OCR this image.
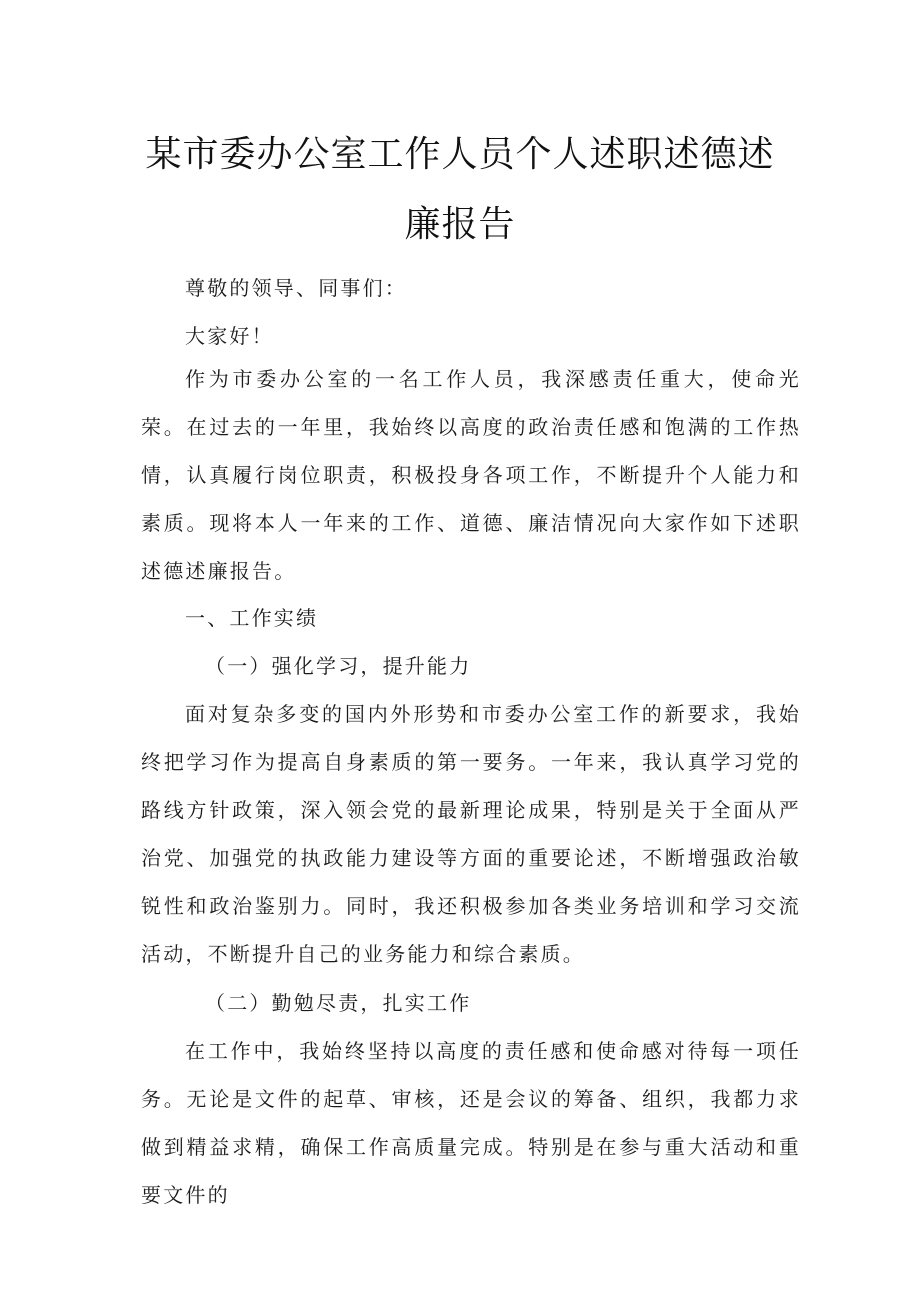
某市委办公室工作人员个人述职述德述
廉报告

尊敬的领导、同事们：

大家好！

作为市委办公室的一名工作人员，我深感责任重大，使命光荣。在过去的一年里，我始终以高度的政治责任感和饱满的工作热情，认真履行岗位职责，积极投身各项工作，不断提升个人能力和素质。现将本人一年来的工作、道德、廉洁情况向大家作如下述职述德述廉报告。

一、工作实绩

（一）强化学习，提升能力

面对复杂多变的国内外形势和市委办公室工作的新要求，我始终把学习作为提高自身素质的第一要务。一年来，我认真学习党的路线方针政策，深入领会党的最新理论成果，特别是关于全面从严治党、加强党的执政能力建设等方面的重要论述，不断增强政治敏锐性和政治鉴别力。同时，我还积极参加各类业务培训和学习交流活动，不断提升自己的业务能力和综合素质。

（二）勤勉尽责，扎实工作

在工作中，我始终坚持以高度的责任感和使命感对待每一项任务。无论是文件的起草、审核，还是会议的筹备、组织，我都力求做到精益求精，确保工作高质量完成。特别是在参与重大活动和重要文件的
